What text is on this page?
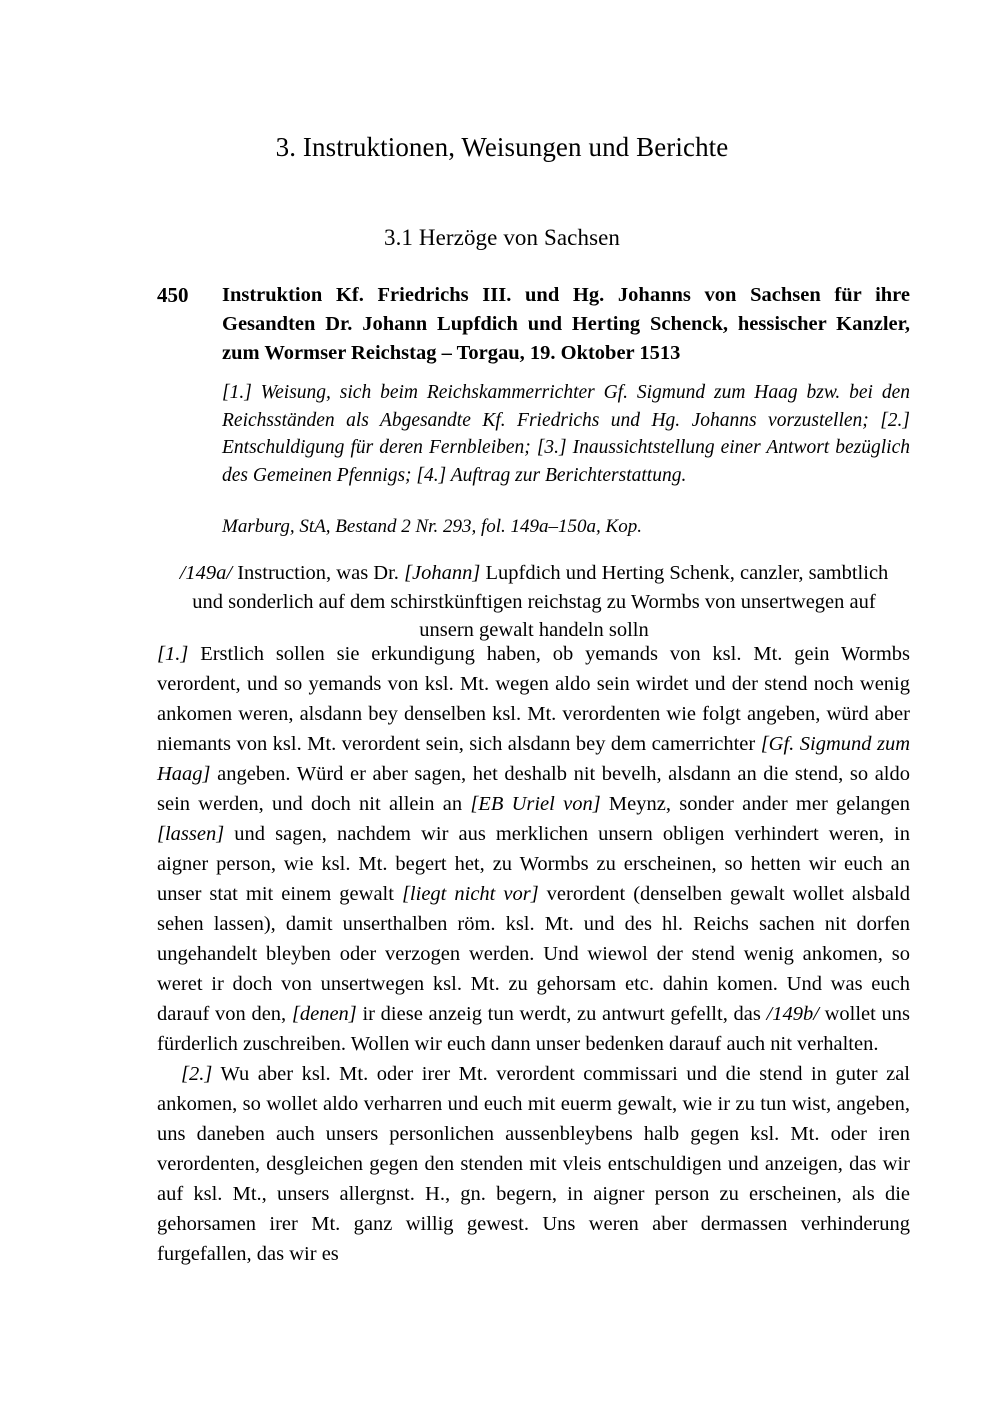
3. Instruktionen, Weisungen und Berichte
3.1 Herzöge von Sachsen
450	Instruktion Kf. Friedrichs III. und Hg. Johanns von Sachsen für ihre Gesandten Dr. Johann Lupfdich und Herting Schenck, hessischer Kanzler, zum Wormser Reichstag – Torgau, 19. Oktober 1513
[1.] Weisung, sich beim Reichskammerrichter Gf. Sigmund zum Haag bzw. bei den Reichsständen als Abgesandte Kf. Friedrichs und Hg. Johanns vorzustellen; [2.] Entschuldigung für deren Fernbleiben; [3.] Inaussichtstellung einer Antwort bezüglich des Gemeinen Pfennigs; [4.] Auftrag zur Berichterstattung.
Marburg, StA, Bestand 2 Nr. 293, fol. 149a–150a, Kop.
/149a/ Instruction, was Dr. [Johann] Lupfdich und Herting Schenk, canzler, sambtlich und sonderlich auf dem schirstkünftigen reichstag zu Wormbs von unsertwegen auf unsern gewalt handeln solln

[1.] Erstlich sollen sie erkundigung haben, ob yemands von ksl. Mt. gein Wormbs verordent, und so yemands von ksl. Mt. wegen aldo sein wirdet und der stend noch wenig ankomen weren, alsdann bey denselben ksl. Mt. verordenten wie folgt angeben, würd aber niemants von ksl. Mt. verordent sein, sich alsdann bey dem camerrichter [Gf. Sigmund zum Haag] angeben. Würd er aber sagen, het deshalb nit bevelh, alsdann an die stend, so aldo sein werden, und doch nit allein an [EB Uriel von] Meynz, sonder ander mer gelangen [lassen] und sagen, nachdem wir aus merklichen unsern obligen verhindert weren, in aigner person, wie ksl. Mt. begert het, zu Wormbs zu erscheinen, so hetten wir euch an unser stat mit einem gewalt [liegt nicht vor] verordent (denselben gewalt wollet alsbald sehen lassen), damit unserthalben röm. ksl. Mt. und des hl. Reichs sachen nit dorfen ungehandelt bleyben oder verzogen werden. Und wiewol der stend wenig ankomen, so weret ir doch von unsertwegen ksl. Mt. zu gehorsam etc. dahin komen. Und was euch darauf von den, [denen] ir diese anzeig tun werdt, zu antwurt gefellt, das /149b/ wollet uns fürderlich zuschreiben. Wollen wir euch dann unser bedenken darauf auch nit verhalten.

[2.] Wu aber ksl. Mt. oder irer Mt. verordent commissari und die stend in guter zal ankomen, so wollet aldo verharren und euch mit euerm gewalt, wie ir zu tun wist, angeben, uns daneben auch unsers personlichen aussenbleybens halb gegen ksl. Mt. oder iren verordenten, desgleichen gegen den stenden mit vleis entschuldigen und anzeigen, das wir auf ksl. Mt., unsers allergnst. H., gn. begern, in aigner person zu erscheinen, als die gehorsamen irer Mt. ganz willig gewest. Uns weren aber dermassen verhinderung furgefallen, das wir es
